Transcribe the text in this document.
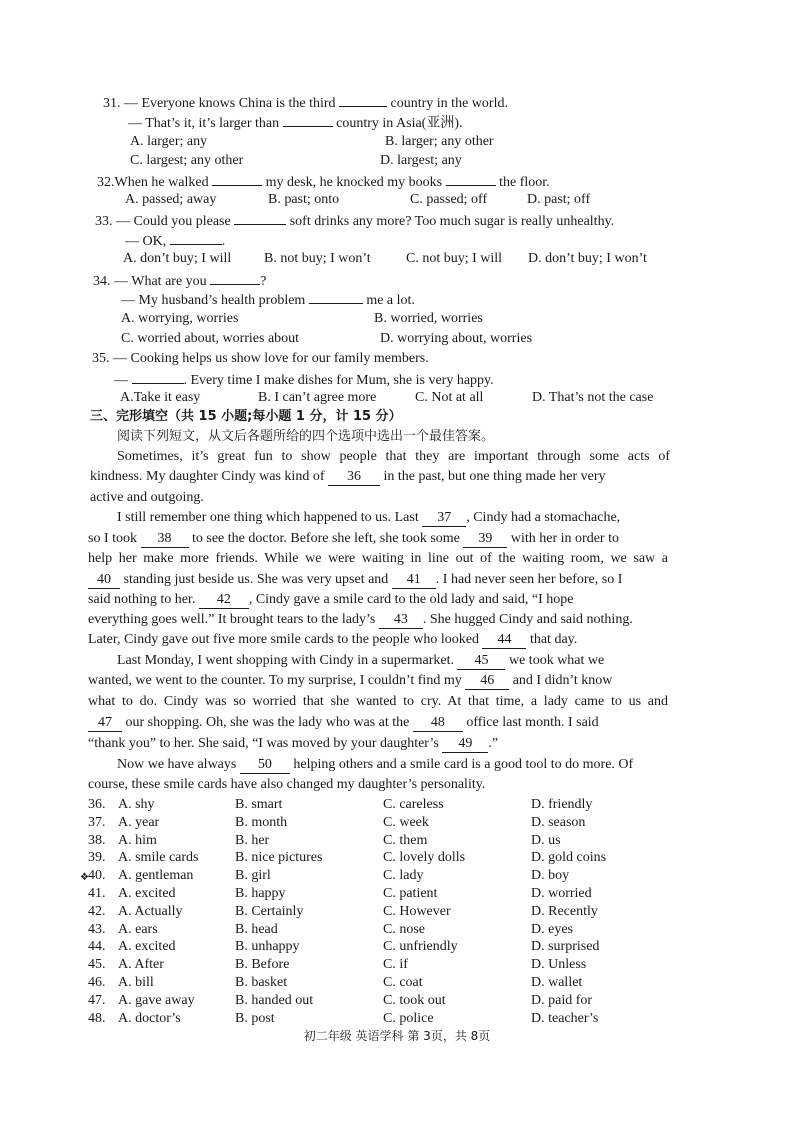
31. — Everyone knows China is the third	country in the world.
— That’s it, it’s larger than	country in Asia(亚洲).
A. larger; any	B. larger; any other
C. largest; any other	D. largest; any
32.When he walked	my desk, he knocked my books	the floor.
A. passed; away	B. past; onto	C. passed; off	D. past; off
33. — Could you please	soft drinks any more? Too much sugar is really unhealthy.
— OK,	.
A. don’t buy; I will B. not buy; I won’t	C. not buy; I will D. don’t buy; I won’t
34. — What are you	?
— My husband’s health problem	me a lot.
A. worrying, worries	B. worried, worries
C. worried about, worries about	D. worrying about, worries
35. — Cooking helps us show love for our family members.
—	. Every time I make dishes for Mum, she is very happy.
A.Take it easy	B. I can’t agree more	C. Not at all	D. That’s not the case
三、完形填空（共 15 小题;每小题 1 分，计 15 分）
阅读下列短文，从文后各题所给的四个选项中选出一个最佳答案。
Sometimes, it’s great fun to show people that they are important through some acts of
kindness. My daughter Cindy was kind of 36 in the past, but one thing made her very
active and outgoing.
I still remember one thing which happened to us. Last 37 , Cindy had a stomachache,
so I took 38 to see the doctor. Before she left, she took some 39 with her in order to
help her make more friends. While we were waiting in line out of the waiting room, we saw a
40 standing just beside us. She was very upset and 41 . I had never seen her before, so I
said nothing to her. 42 , Cindy gave a smile card to the old lady and said, “I hope
everything goes well.” It brought tears to the lady’s 43 . She hugged Cindy and said nothing.
Later, Cindy gave out five more smile cards to the people who looked 44 that day.
Last Monday, I went shopping with Cindy in a supermarket. 45 we took what we
wanted, we went to the counter. To my surprise, I couldn’t find my 46 and I didn’t know
what to do. Cindy was so worried that she wanted to cry. At that time, a lady came to us and
47 our shopping. Oh, she was the lady who was at the 48 office last month. I said
“thank you” to her. She said, “I was moved by your daughter’s 49 .”
Now we have always 50 helping others and a smile card is a good tool to do more. Of
course, these smile cards have also changed my daughter’s personality.
36. A. shy	B. smart	C. careless	D. friendly
37. A. year	B. month	C. week	D. season
38. A. him	B. her	C. them	D. us
39. A. smile cards	B. nice pictures	C. lovely dolls	D. gold coins
40. A. gentleman	B. girl	C. lady	D. boy
41. A. excited	B. happy	C. patient	D. worried
42. A. Actually	B. Certainly	C. However	D. Recently
43. A. ears	B. head	C. nose	D. eyes
44. A. excited	B. unhappy	C. unfriendly	D. surprised
45. A. After	B. Before	C. if	D. Unless
46. A. bill	B. basket	C. coat	D. wallet
47. A. gave away	B. handed out	C. took out	D. paid for
48. A. doctor’s	B. post	C. police	D. teacher’s
❖
初二年级 英语学科 第 3页，共 8页
